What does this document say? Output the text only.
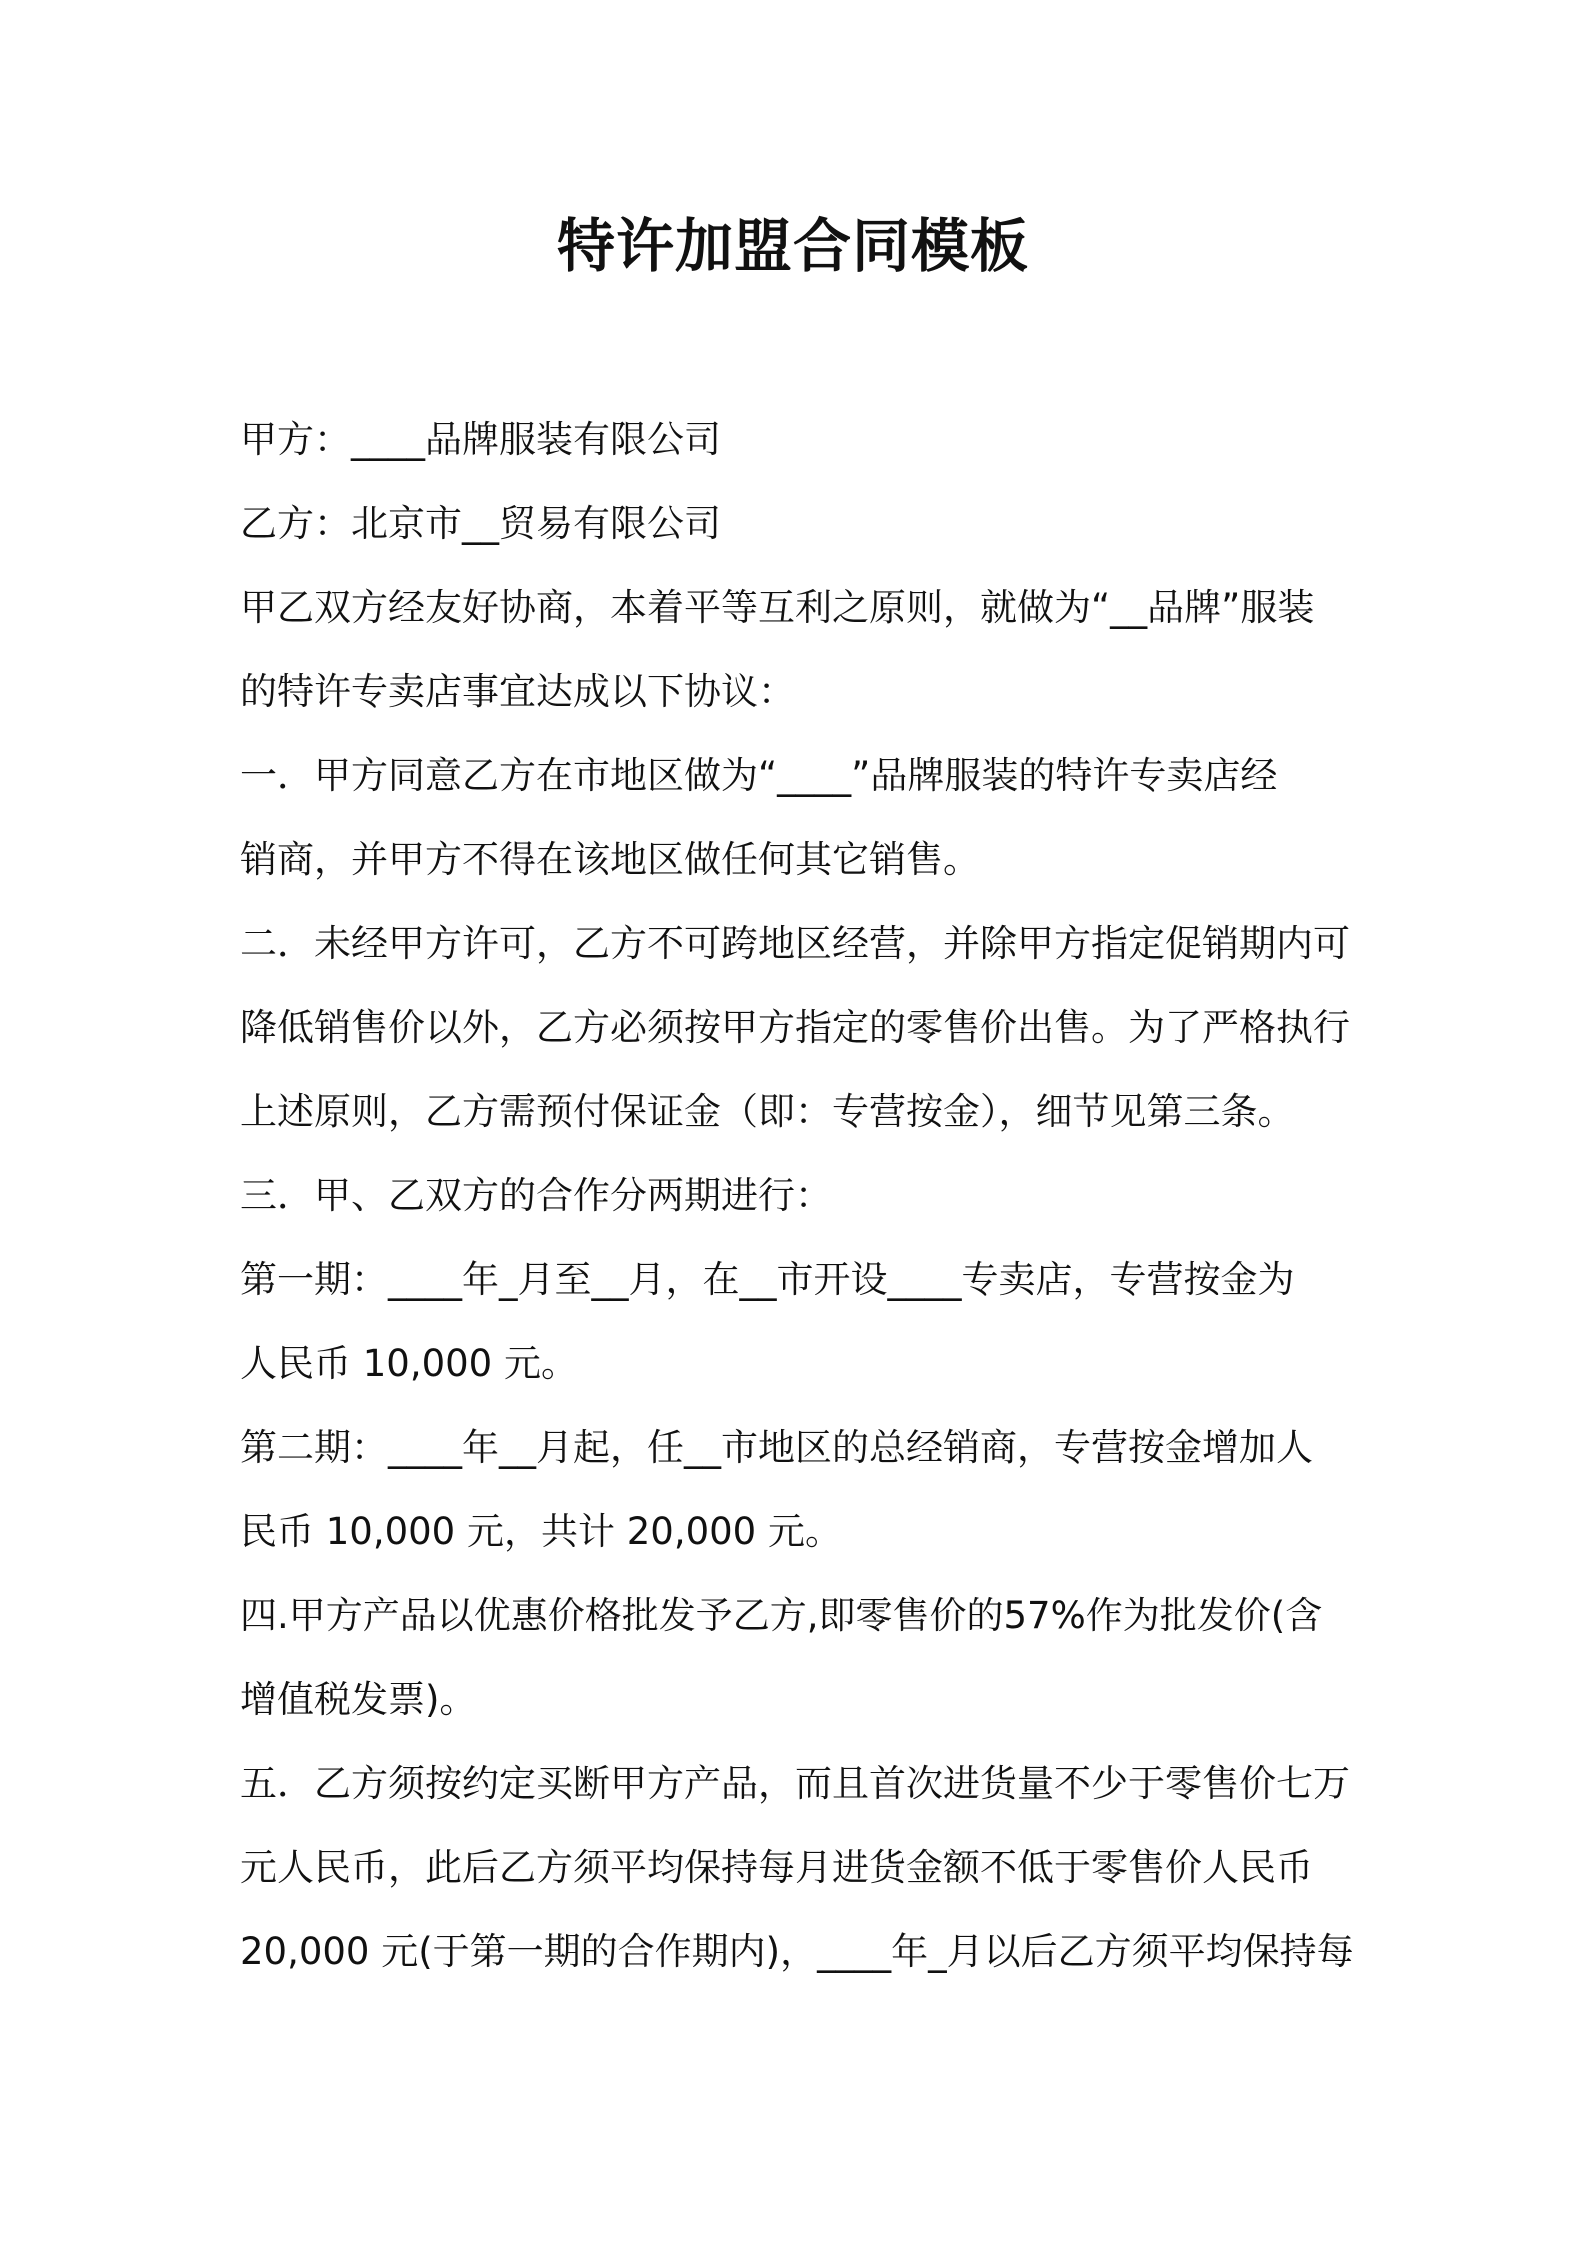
特许加盟合同模板

甲方：____品牌服装有限公司

乙方：北京市__贸易有限公司

甲乙双方经友好协商，本着平等互利之原则，就做为“__品牌”服装

的特许专卖店事宜达成以下协议：

一．甲方同意乙方在市地区做为“____”品牌服装的特许专卖店经

销商，并甲方不得在该地区做任何其它销售。

二．未经甲方许可，乙方不可跨地区经营，并除甲方指定促销期内可

降低销售价以外，乙方必须按甲方指定的零售价出售。为了严格执行

上述原则，乙方需预付保证金（即：专营按金），细节见第三条。

三．甲、乙双方的合作分两期进行：

第一期：____年_月至__月，在__市开设____专卖店，专营按金为

人民币 10,000 元。

第二期：____年__月起，任__市地区的总经销商，专营按金增加人

民币 10,000 元，共计 20,000 元。

四.甲方产品以优惠价格批发予乙方,即零售价的57%作为批发价(含

增值税发票)。

五．乙方须按约定买断甲方产品，而且首次进货量不少于零售价七万

元人民币，此后乙方须平均保持每月进货金额不低于零售价人民币

20,000 元(于第一期的合作期内)，____年_月以后乙方须平均保持每
